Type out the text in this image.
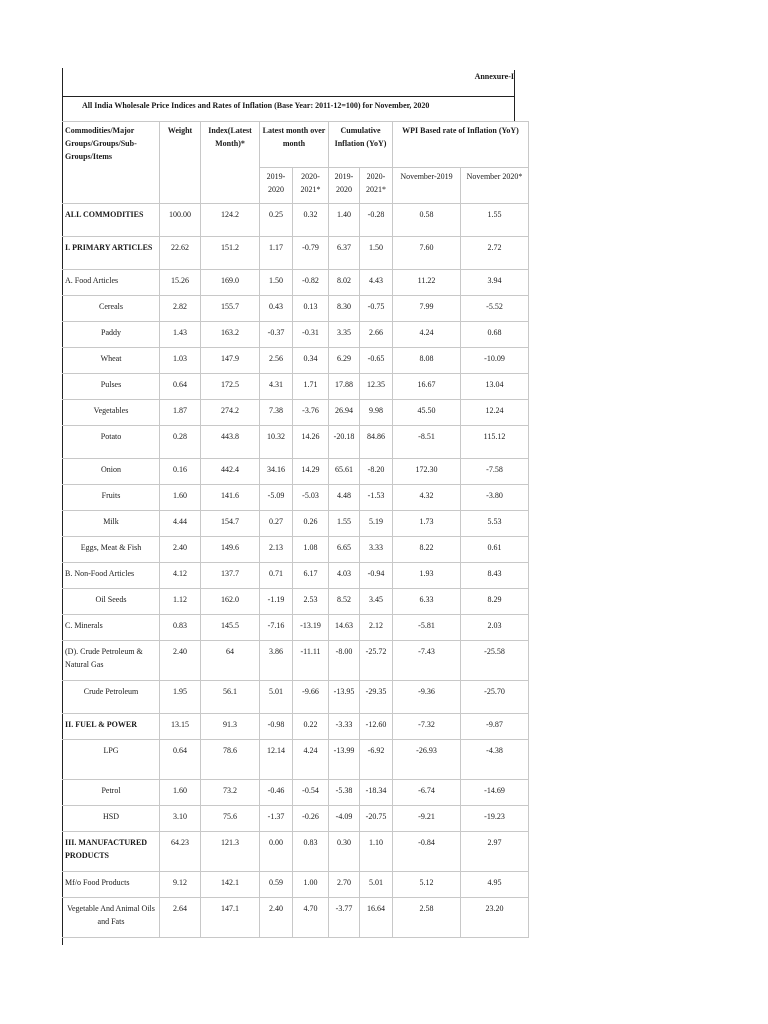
Annexure-I
All India Wholesale Price Indices and Rates of Inflation (Base Year: 2011-12=100) for November, 2020
Commodities/Major Groups/Groups/Sub-Groups/Items	Weight	Index(Latest Month)*	Latest month over month		Cumulative Inflation (YoY)		WPI Based rate of Inflation (YoY)	
			2019-2020	2020-2021*	2019-2020	2020-2021*	November-2019	November 2020*
ALL COMMODITIES	100.00	124.2	0.25	0.32	1.40	-0.28	0.58	1.55
I. PRIMARY ARTICLES	22.62	151.2	1.17	-0.79	6.37	1.50	7.60	2.72
A. Food Articles	15.26	169.0	1.50	-0.82	8.02	4.43	11.22	3.94
Cereals	2.82	155.7	0.43	0.13	8.30	-0.75	7.99	-5.52
Paddy	1.43	163.2	-0.37	-0.31	3.35	2.66	4.24	0.68
Wheat	1.03	147.9	2.56	0.34	6.29	-0.65	8.08	-10.09
Pulses	0.64	172.5	4.31	1.71	17.88	12.35	16.67	13.04
Vegetables	1.87	274.2	7.38	-3.76	26.94	9.98	45.50	12.24
Potato	0.28	443.8	10.32	14.26	-20.18	84.86	-8.51	115.12
Onion	0.16	442.4	34.16	14.29	65.61	-8.20	172.30	-7.58
Fruits	1.60	141.6	-5.09	-5.03	4.48	-1.53	4.32	-3.80
Milk	4.44	154.7	0.27	0.26	1.55	5.19	1.73	5.53
Eggs, Meat & Fish	2.40	149.6	2.13	1.08	6.65	3.33	8.22	0.61
B. Non-Food Articles	4.12	137.7	0.71	6.17	4.03	-0.94	1.93	8.43
Oil Seeds	1.12	162.0	-1.19	2.53	8.52	3.45	6.33	8.29
C. Minerals	0.83	145.5	-7.16	-13.19	14.63	2.12	-5.81	2.03
(D). Crude Petroleum & Natural Gas	2.40	64	3.86	-11.11	-8.00	-25.72	-7.43	-25.58
Crude Petroleum	1.95	56.1	5.01	-9.66	-13.95	-29.35	-9.36	-25.70
II. FUEL & POWER	13.15	91.3	-0.98	0.22	-3.33	-12.60	-7.32	-9.87
LPG	0.64	78.6	12.14	4.24	-13.99	-6.92	-26.93	-4.38
Petrol	1.60	73.2	-0.46	-0.54	-5.38	-18.34	-6.74	-14.69
HSD	3.10	75.6	-1.37	-0.26	-4.09	-20.75	-9.21	-19.23
III. MANUFACTURED PRODUCTS	64.23	121.3	0.00	0.83	0.30	1.10	-0.84	2.97
Mf/o Food Products	9.12	142.1	0.59	1.00	2.70	5.01	5.12	4.95
Vegetable And Animal Oils and Fats	2.64	147.1	2.40	4.70	-3.77	16.64	2.58	23.20
